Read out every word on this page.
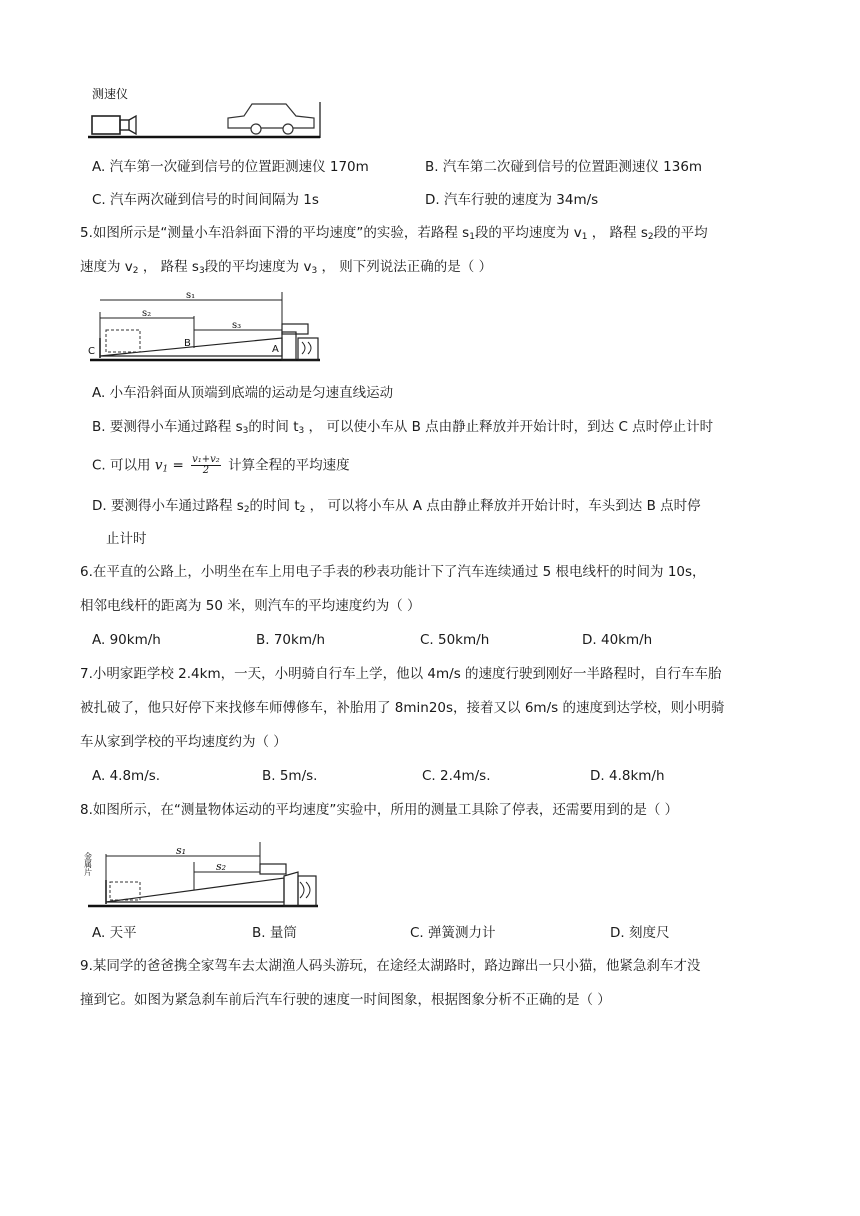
测速仪
A. 汽车第一次碰到信号的位置距测速仪 170m	B. 汽车第二次碰到信号的位置距测速仪 136m
C. 汽车两次碰到信号的时间间隔为 1s	D. 汽车行驶的速度为 34m/s
5.如图所示是“测量小车沿斜面下滑的平均速度”的实验，若路程 $s_1$段的平均速度为 $v_1$ ， 路程 $s_2$段的平均
速度为 $v_2$ ， 路程 $s_3$段的平均速度为 $v_3$ ， 则下列说法正确的是（ ）
s₁
s₂
s₃
C
B
A
A. 小车沿斜面从顶端到底端的运动是匀速直线运动
B. 要测得小车通过路程 $s_3$的时间 $t_3$ ， 可以使小车从 B 点由静止释放并开始计时，到达 C 点时停止计时
C. 可以用 $v_1 = \frac{\text{v₁+v₂}}{2}$ 计算全程的平均速度
D. 要测得小车通过路程 $s_2$的时间 $t_2$ ， 可以将小车从 A 点由静止释放并开始计时，车头到达 B 点时停
止计时
6.在平直的公路上，小明坐在车上用电子手表的秒表功能计下了汽车连续通过 5 根电线杆的时间为 10s，
相邻电线杆的距离为 50 米，则汽车的平均速度约为（ ）
A. 90km/h	B. 70km/h	C. 50km/h	D. 40km/h
7.小明家距学校 2.4km，一天，小明骑自行车上学，他以 4m/s 的速度行驶到刚好一半路程时，自行车车胎
被扎破了，他只好停下来找修车师傅修车，补胎用了 8min20s，接着又以 6m/s 的速度到达学校，则小明骑
车从家到学校的平均速度约为（ ）
A. 4.8m/s.	B. 5m/s.	C. 2.4m/s.	D. 4.8km/h
8.如图所示，在“测量物体运动的平均速度”实验中，所用的测量工具除了停表，还需要用到的是（ ）
金属片
s₁
s₂
A. 天平	B. 量筒	C. 弹簧测力计	D. 刻度尺
9.某同学的爸爸携全家驾车去太湖渔人码头游玩，在途经太湖路时，路边蹿出一只小猫，他紧急刹车才没
撞到它。如图为紧急刹车前后汽车行驶的速度一时间图象，根据图象分析不正确的是（ ）
